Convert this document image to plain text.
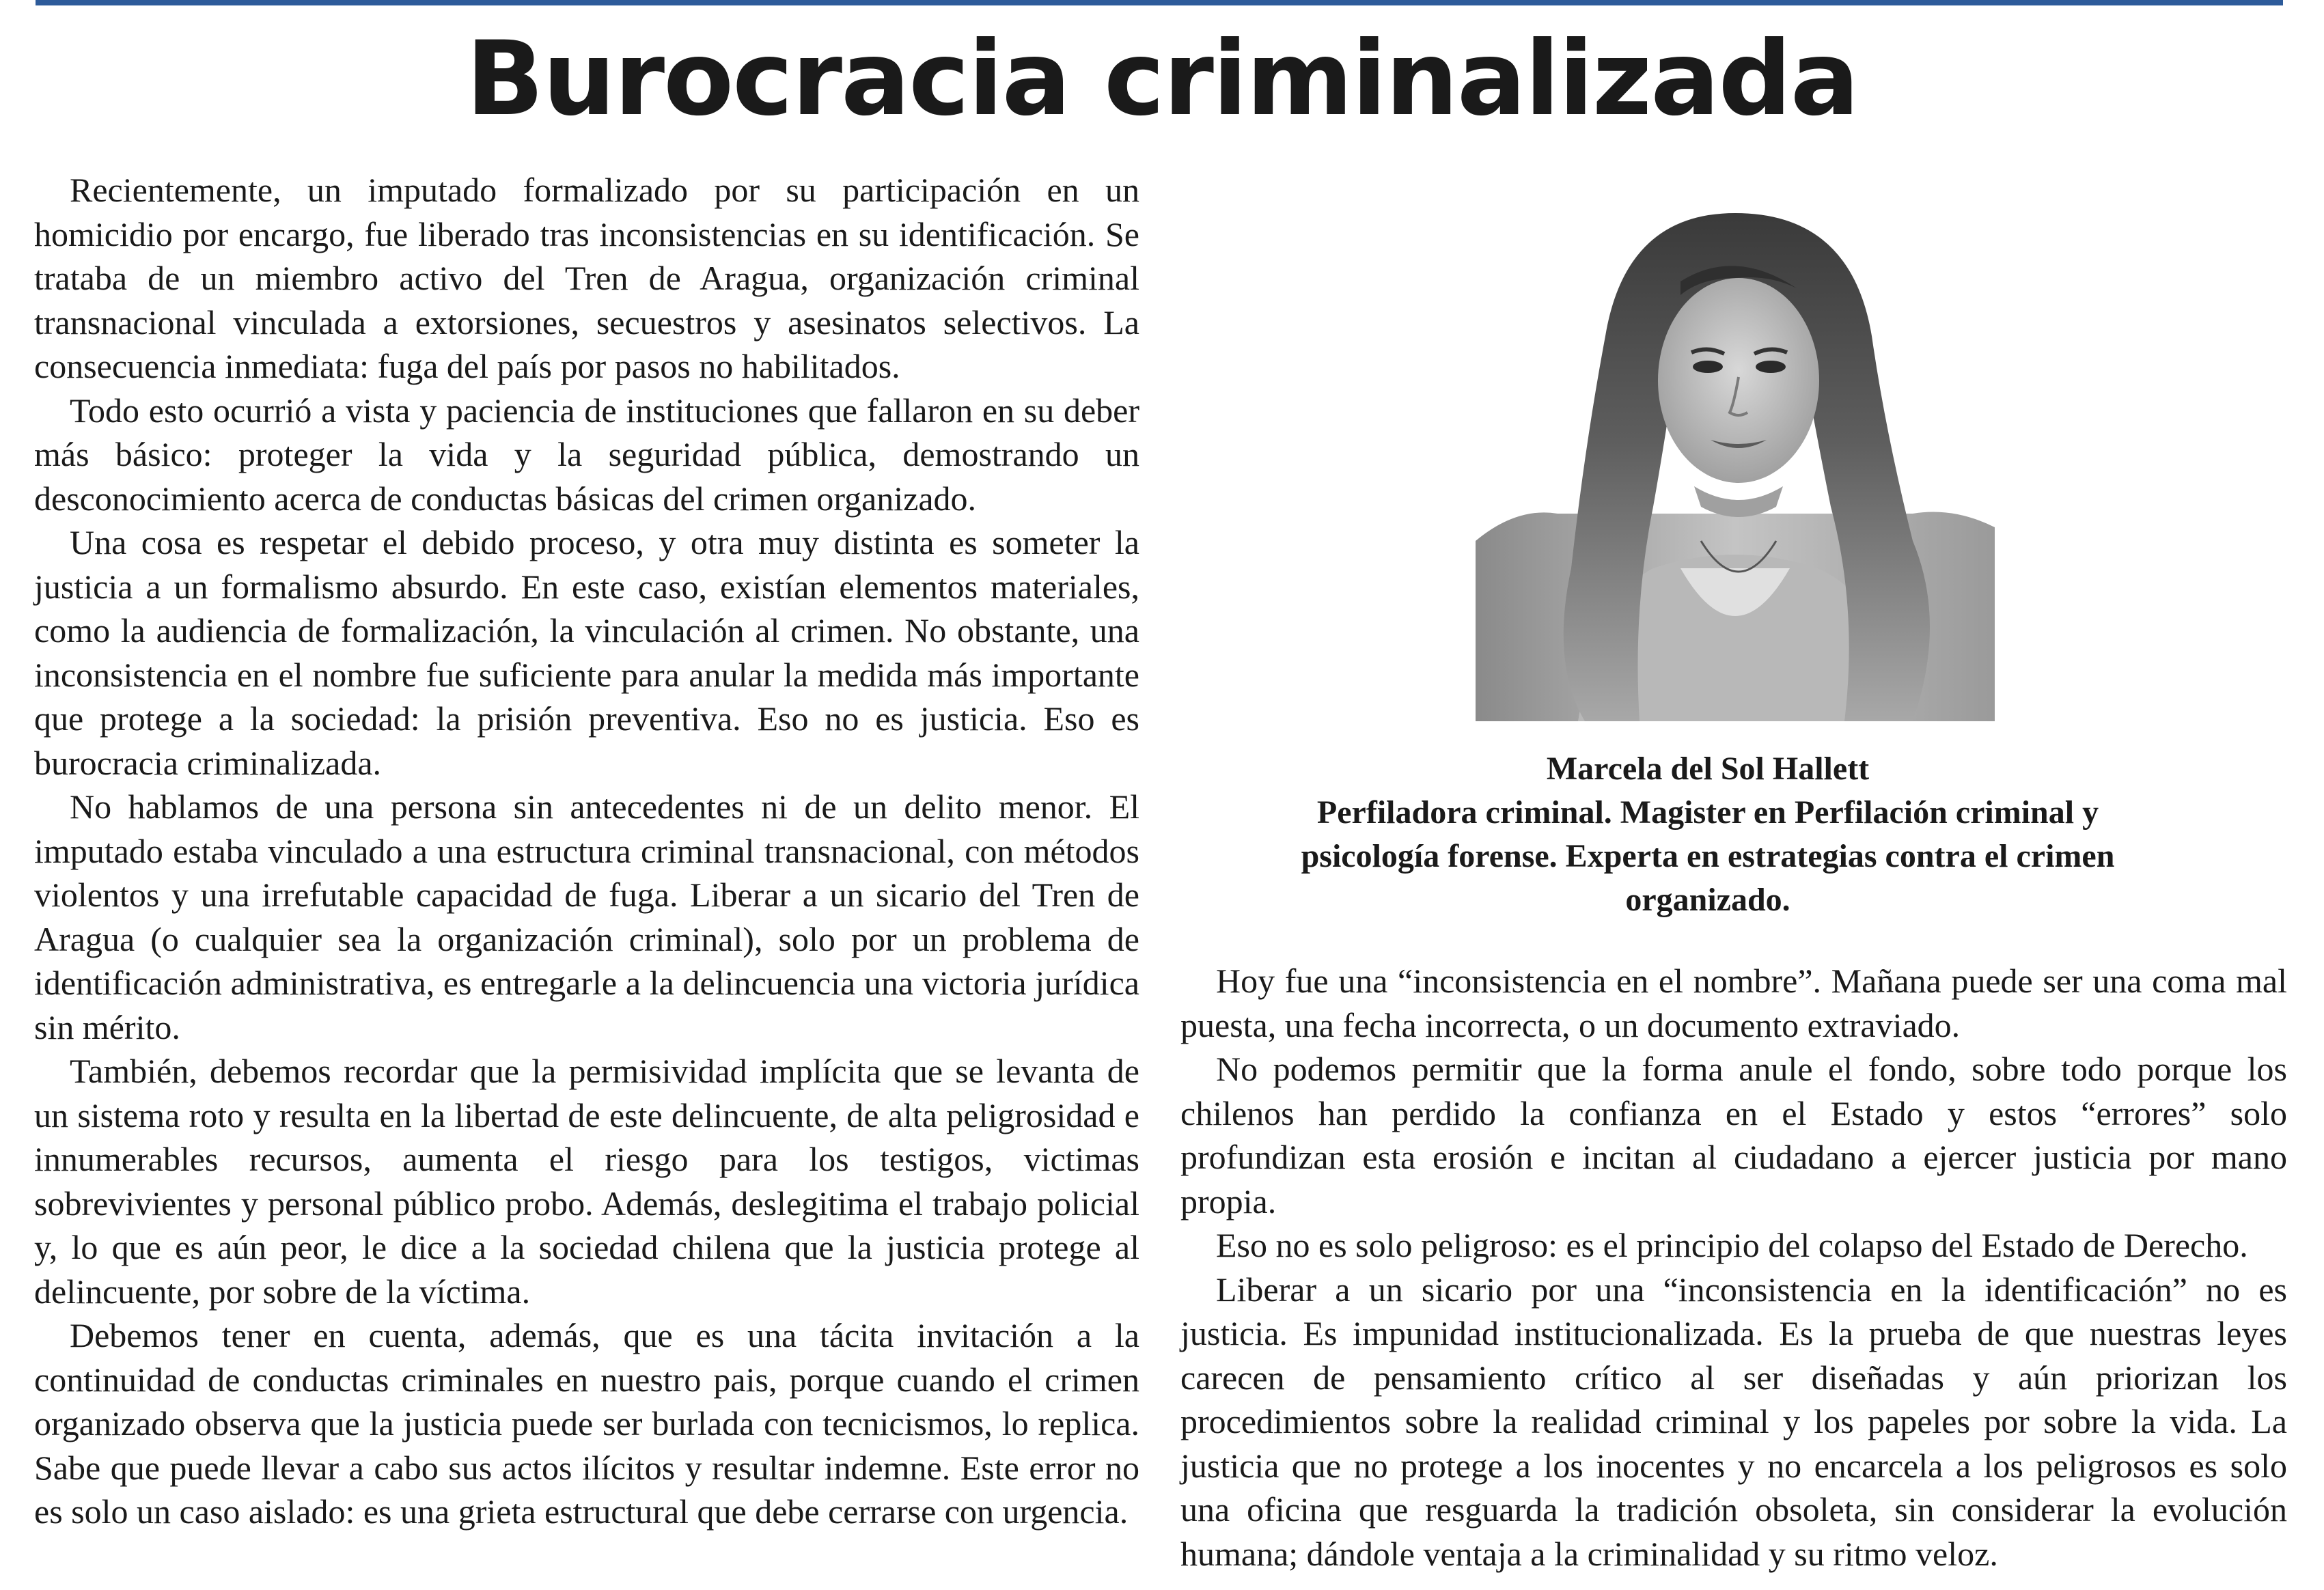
Burocracia criminalizada

Recientemente, un imputado formalizado por su participación en un homicidio por encargo, fue liberado tras inconsistencias en su identificación. Se trataba de un miembro activo del Tren de Aragua, organización criminal transnacional vinculada a extorsiones, secuestros y asesinatos selectivos. La consecuencia inmediata: fuga del país por pasos no habilitados.

Todo esto ocurrió a vista y paciencia de instituciones que fallaron en su deber más básico: proteger la vida y la seguridad pública, demostrando un desconocimiento acerca de conductas básicas del crimen organizado.

Una cosa es respetar el debido proceso, y otra muy distinta es someter la justicia a un formalismo absurdo. En este caso, existían elementos materiales, como la audiencia de formalización, la vinculación al crimen. No obstante, una inconsistencia en el nombre fue suficiente para anular la medida más importante que protege a la sociedad: la prisión preventiva. Eso no es justicia. Eso es burocracia criminalizada.

No hablamos de una persona sin antecedentes ni de un delito menor. El imputado estaba vinculado a una estructura criminal transnacional, con métodos violentos y una irrefutable capacidad de fuga. Liberar a un sicario del Tren de Aragua (o cualquier sea la organización criminal), solo por un problema de identificación administrativa, es entregarle a la delincuencia una victoria jurídica sin mérito.

También, debemos recordar que la permisividad implícita que se levanta de un sistema roto y resulta en la libertad de este delincuente, de alta peligrosidad e innumerables recursos, aumenta el riesgo para los testigos, victimas sobrevivientes y personal público probo. Además, deslegitima el trabajo policial y, lo que es aún peor, le dice a la sociedad chilena que la justicia protege al delincuente, por sobre de la víctima.

Debemos tener en cuenta, además, que es una tácita invitación a la continuidad de conductas criminales en nuestro pais, porque cuando el crimen organizado observa que la justicia puede ser burlada con tecnicismos, lo replica. Sabe que puede llevar a cabo sus actos ilícitos y resultar indemne. Este error no es solo un caso aislado: es una grieta estructural que debe cerrarse con urgencia.

Marcela del Sol Hallett
Perfiladora criminal. Magister en Perfilación criminal y
psicología forense. Experta en estrategias contra el crimen
organizado.

Hoy fue una “inconsistencia en el nombre”. Mañana puede ser una coma mal puesta, una fecha incorrecta, o un documento extraviado.

No podemos permitir que la forma anule el fondo, sobre todo porque los chilenos han perdido la confianza en el Estado y estos “errores” solo profundizan esta erosión e incitan al ciudadano a ejercer justicia por mano propia.

Eso no es solo peligroso: es el principio del colapso del Estado de Derecho.

Liberar a un sicario por una “inconsistencia en la identificación” no es justicia. Es impunidad institucionalizada. Es la prueba de que nuestras leyes carecen de pensamiento crítico al ser diseñadas y aún priorizan los procedimientos sobre la realidad criminal y los papeles por sobre la vida. La justicia que no protege a los inocentes y no encarcela a los peligrosos es solo una oficina que resguarda la tradición obsoleta, sin considerar la evolución humana; dándole ventaja a la criminalidad y su ritmo veloz.
